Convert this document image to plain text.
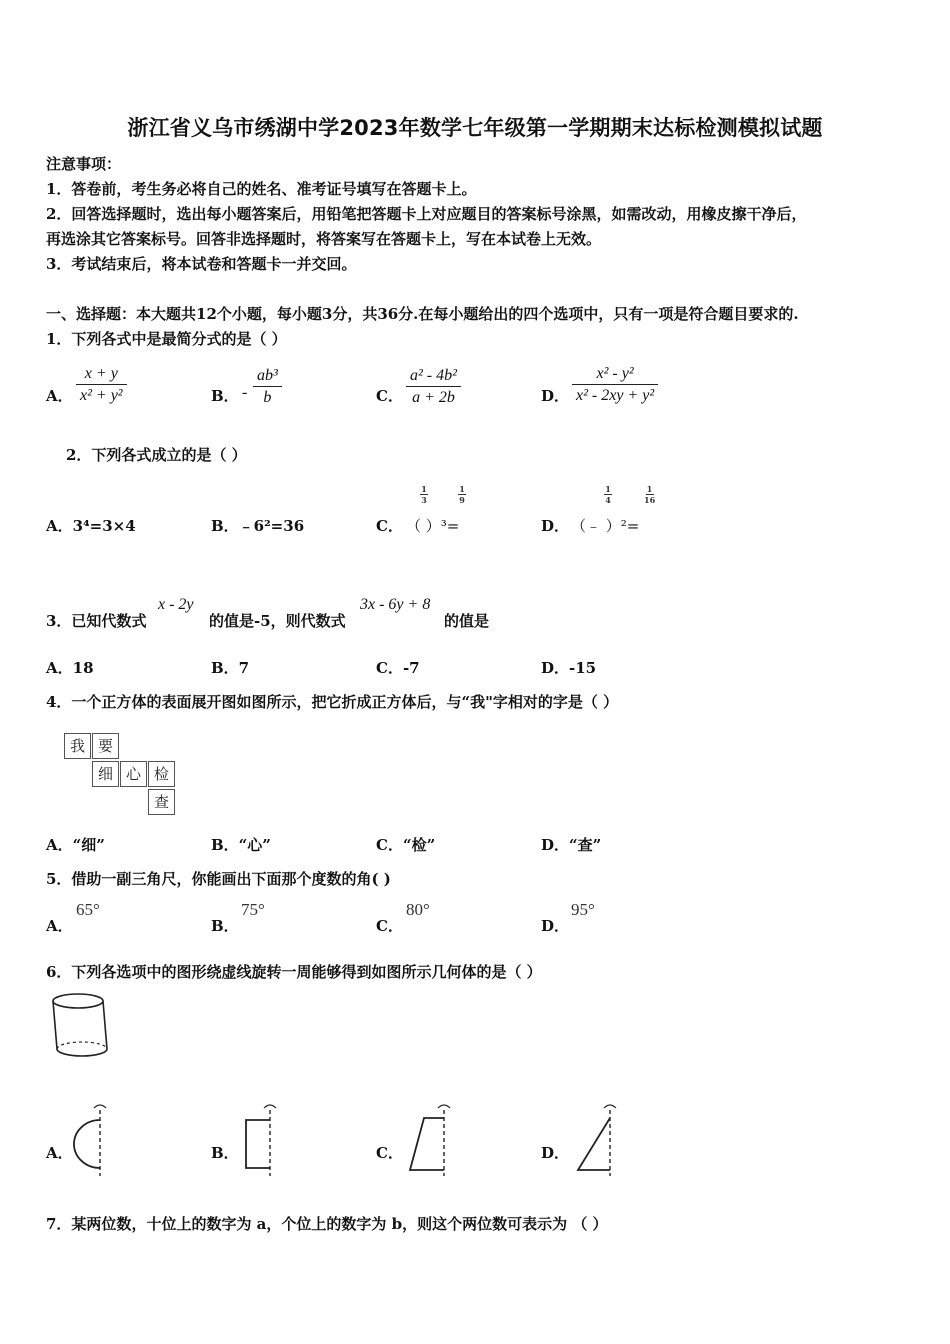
浙江省义乌市绣湖中学2023年数学七年级第一学期期末达标检测模拟试题
注意事项：
1．答卷前，考生务必将自己的姓名、准考证号填写在答题卡上。
2．回答选择题时，选出每小题答案后，用铅笔把答题卡上对应题目的答案标号涂黑，如需改动，用橡皮擦干净后，
再选涂其它答案标号。回答非选择题时，将答案写在答题卡上，写在本试卷上无效。
3．考试结束后，将本试卷和答题卡一并交回。
一、选择题：本大题共12个小题，每小题3分，共36分.在每小题给出的四个选项中，只有一项是符合题目要求的.
1．下列各式中是最简分式的是（ ）
A．
x + y
x² + y²	B． -
ab³
b	C．
a² - 4b²
a + 2b	D．
x² - y²
x² - 2xy + y²
2．下列各式成立的是（ ）
A．3⁴=3×4	B．﹣6²=36	C． （ ）³=
1
3
1
9
D． （﹣ ）²=
1
4
1
16
3．已知代数式
x - 2y
的值是-5，则代数式
3x - 6y + 8
的值是
A．18	B．7	C．-7	D．-15
4．一个正方体的表面展开图如图所示，把它折成正方体后，与“我"字相对的字是（ ）
我 要
细 心 检
查
A．“细”	B．“心”	C．“检”	D．“查”
5．借助一副三角尺，你能画出下面那个度数的角( )
A．
65°
B．
75°
C．
80°
D．
95°
6．下列各选项中的图形绕虚线旋转一周能够得到如图所示几何体的是（ ）
A．	B．	C．	D．
7．某两位数，十位上的数字为 a，个位上的数字为 b，则这个两位数可表示为 （ ）
